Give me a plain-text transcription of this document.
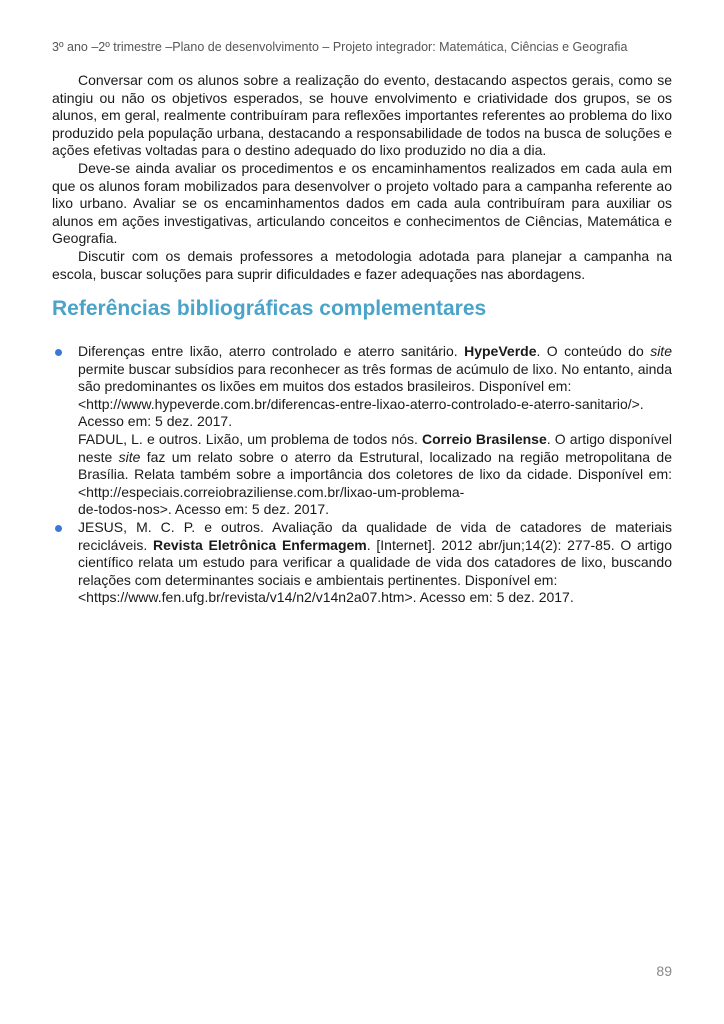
3º ano –2º trimestre –Plano de desenvolvimento – Projeto integrador: Matemática, Ciências e Geografia

Conversar com os alunos sobre a realização do evento, destacando aspectos gerais, como se atingiu ou não os objetivos esperados, se houve envolvimento e criatividade dos grupos, se os alunos, em geral, realmente contribuíram para reflexões importantes referentes ao problema do lixo produzido pela população urbana, destacando a responsabilidade de todos na busca de soluções e ações efetivas voltadas para o destino adequado do lixo produzido no dia a dia.

Deve-se ainda avaliar os procedimentos e os encaminhamentos realizados em cada aula em que os alunos foram mobilizados para desenvolver o projeto voltado para a campanha referente ao lixo urbano. Avaliar se os encaminhamentos dados em cada aula contribuíram para auxiliar os alunos em ações investigativas, articulando conceitos e conhecimentos de Ciências, Matemática e Geografia.

Discutir com os demais professores a metodologia adotada para planejar a campanha na escola, buscar soluções para suprir dificuldades e fazer adequações nas abordagens.

Referências bibliográficas complementares
Diferenças entre lixão, aterro controlado e aterro sanitário. HypeVerde. O conteúdo do site permite buscar subsídios para reconhecer as três formas de acúmulo de lixo. No entanto, ainda são predominantes os lixões em muitos dos estados brasileiros. Disponível em:
<http://www.hypeverde.com.br/diferencas-entre-lixao-aterro-controlado-e-aterro-sanitario/>.
Acesso em: 5 dez. 2017.
FADUL, L. e outros. Lixão, um problema de todos nós. Correio Brasilense. O artigo disponível neste site faz um relato sobre o aterro da Estrutural, localizado na região metropolitana de Brasília. Relata também sobre a importância dos coletores de lixo da cidade. Disponível em: <http://especiais.correiobraziliense.com.br/lixao-um-problema-
de-todos-nos>. Acesso em: 5 dez. 2017.
JESUS, M. C. P. e outros. Avaliação da qualidade de vida de catadores de materiais recicláveis. Revista Eletrônica Enfermagem. [Internet]. 2012 abr/jun;14(2): 277-85. O artigo científico relata um estudo para verificar a qualidade de vida dos catadores de lixo, buscando relações com determinantes sociais e ambientais pertinentes. Disponível em:
<https://www.fen.ufg.br/revista/v14/n2/v14n2a07.htm>. Acesso em: 5 dez. 2017.
89
